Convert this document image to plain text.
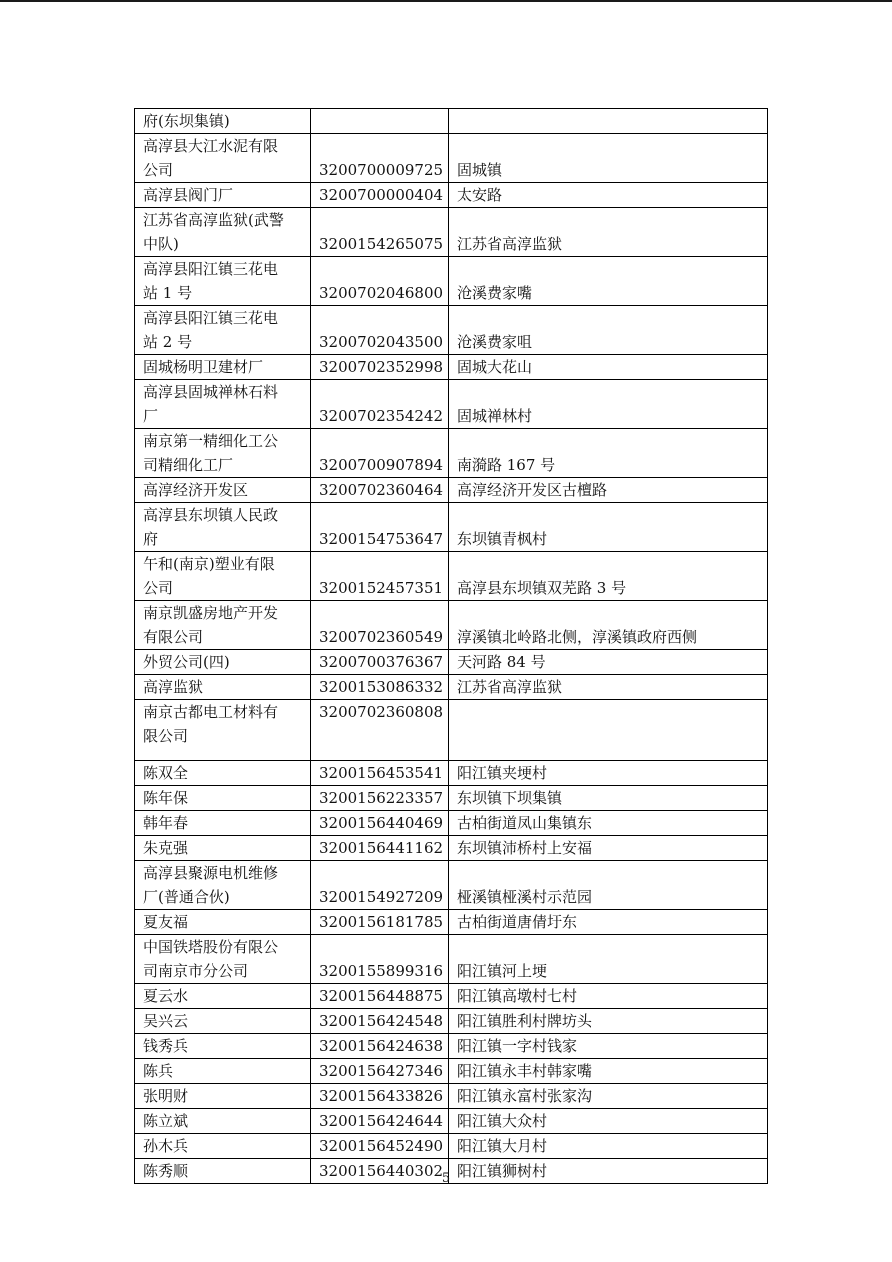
府(东坝集镇)		
高淳县大江水泥有限
公司	3200700009725	固城镇
高淳县阀门厂	3200700000404	太安路
江苏省高淳监狱(武警
中队)	3200154265075	江苏省高淳监狱
高淳县阳江镇三花电
站 1 号	3200702046800	沧溪费家嘴
高淳县阳江镇三花电
站 2 号	3200702043500	沧溪费家咀
固城杨明卫建材厂	3200702352998	固城大花山
高淳县固城禅林石料
厂	3200702354242	固城禅林村
南京第一精细化工公
司精细化工厂	3200700907894	南漪路 167 号
高淳经济开发区	3200702360464	高淳经济开发区古檀路
高淳县东坝镇人民政
府	3200154753647	东坝镇青枫村
午和(南京)塑业有限
公司	3200152457351	高淳县东坝镇双芜路 3 号
南京凯盛房地产开发
有限公司	3200702360549	淳溪镇北岭路北侧，淳溪镇政府西侧
外贸公司(四)	3200700376367	天河路 84 号
高淳监狱	3200153086332	江苏省高淳监狱
南京古都电工材料有
限公司	3200702360808	
陈双全	3200156453541	阳江镇夹埂村
陈年保	3200156223357	东坝镇下坝集镇
韩年春	3200156440469	古柏街道凤山集镇东
朱克强	3200156441162	东坝镇沛桥村上安福
高淳县聚源电机维修
厂(普通合伙)	3200154927209	桠溪镇桠溪村示范园
夏友福	3200156181785	古柏街道唐倩圩东
中国铁塔股份有限公
司南京市分公司	3200155899316	阳江镇河上埂
夏云水	3200156448875	阳江镇高墩村七村
吴兴云	3200156424548	阳江镇胜利村牌坊头
钱秀兵	3200156424638	阳江镇一字村钱家
陈兵	3200156427346	阳江镇永丰村韩家嘴
张明财	3200156433826	阳江镇永富村张家沟
陈立斌	3200156424644	阳江镇大众村
孙木兵	3200156452490	阳江镇大月村
陈秀顺	3200156440302	阳江镇狮树村
5
